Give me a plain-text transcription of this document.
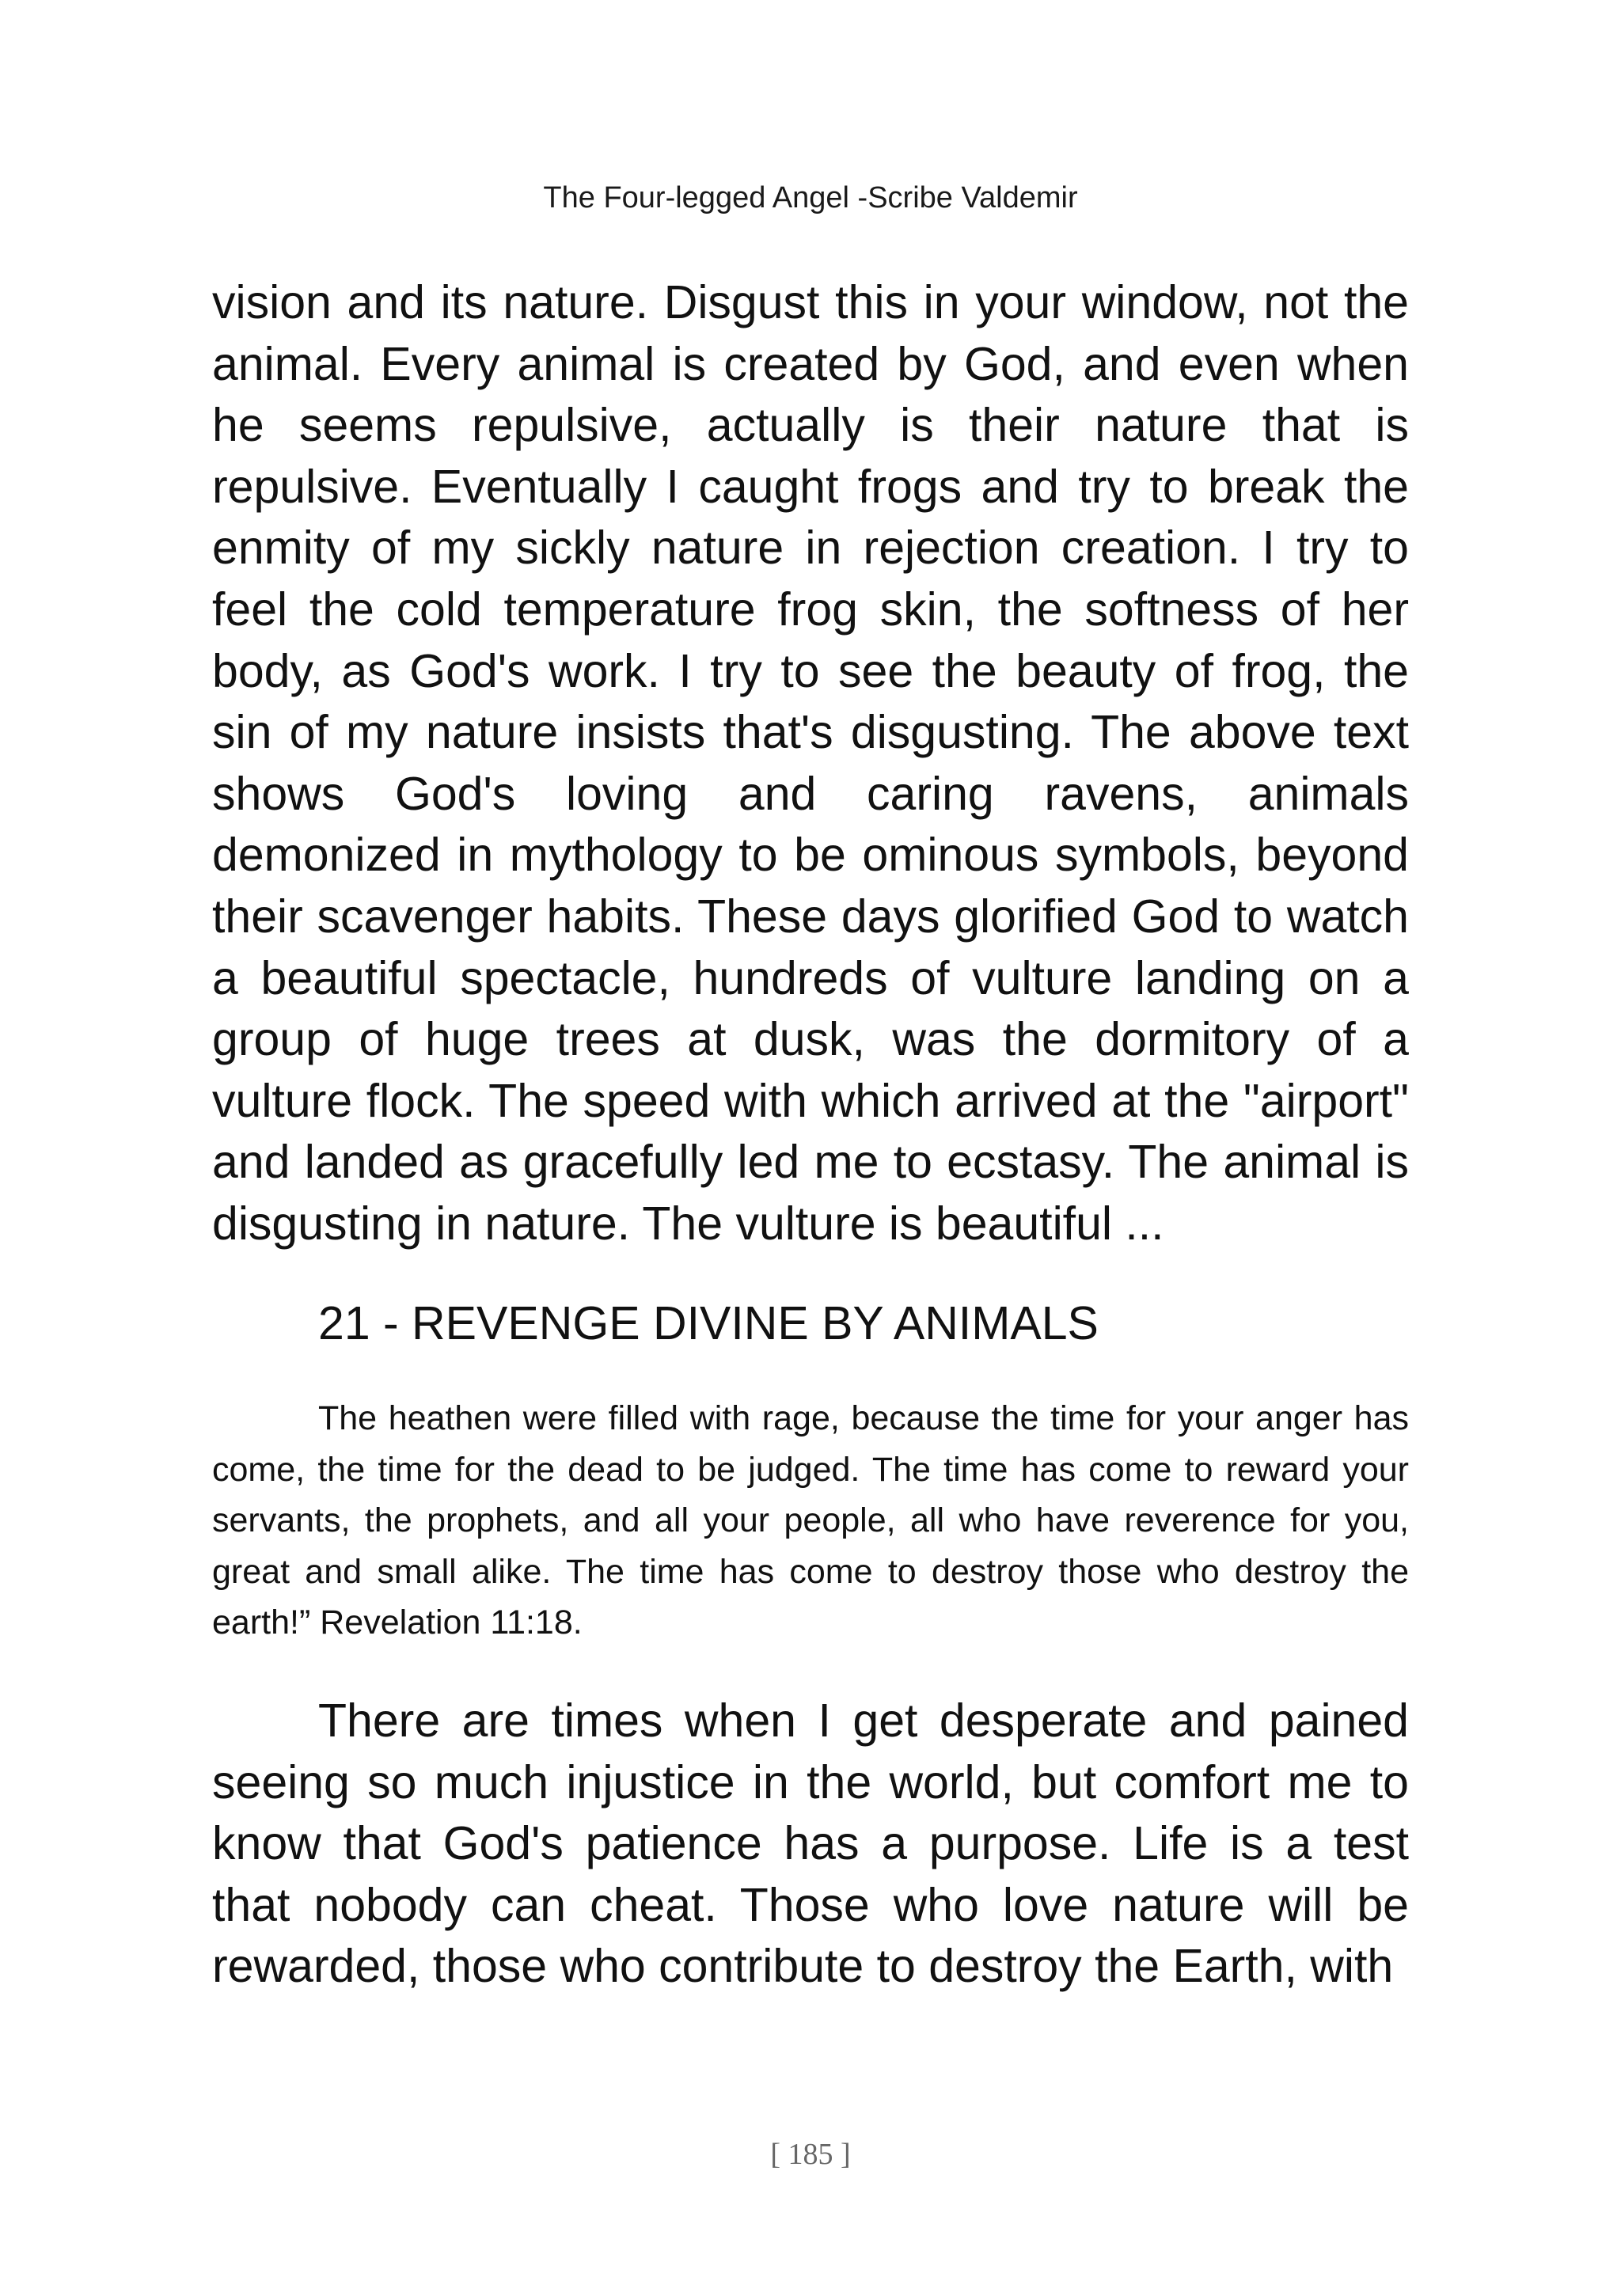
The Four-legged Angel -Scribe Valdemir

vision and its nature. Disgust this in your window, not the animal. Every animal is created by God, and even when he seems repulsive, actually is their nature that is repulsive. Eventually I caught frogs and try to break the enmity of my sickly nature in rejection creation. I try to feel the cold temperature frog skin, the softness of her body, as God's work. I try to see the beauty of frog, the sin of my nature insists that's disgusting. The above text shows God's loving and caring ravens, animals demonized in mythology to be ominous symbols, beyond their scavenger habits. These days glorified God to watch a beautiful spectacle, hundreds of vulture landing on a group of huge trees at dusk, was the dormitory of a vulture flock. The speed with which arrived at the "airport" and landed as gracefully led me to ecstasy. The animal is disgusting in nature. The vulture is beautiful ...

21 - REVENGE DIVINE BY ANIMALS

The heathen were filled with rage, because the time for your anger has come, the time for the dead to be judged. The time has come to reward your servants, the prophets, and all your people, all who have reverence for you, great and small alike. The time has come to destroy those who destroy the earth!” Revelation 11:18.

There are times when I get desperate and pained seeing so much injustice in the world, but comfort me to know that God's patience has a purpose. Life is a test that nobody can cheat. Those who love nature will be rewarded, those who contribute to destroy the Earth, with

[ 185 ]
